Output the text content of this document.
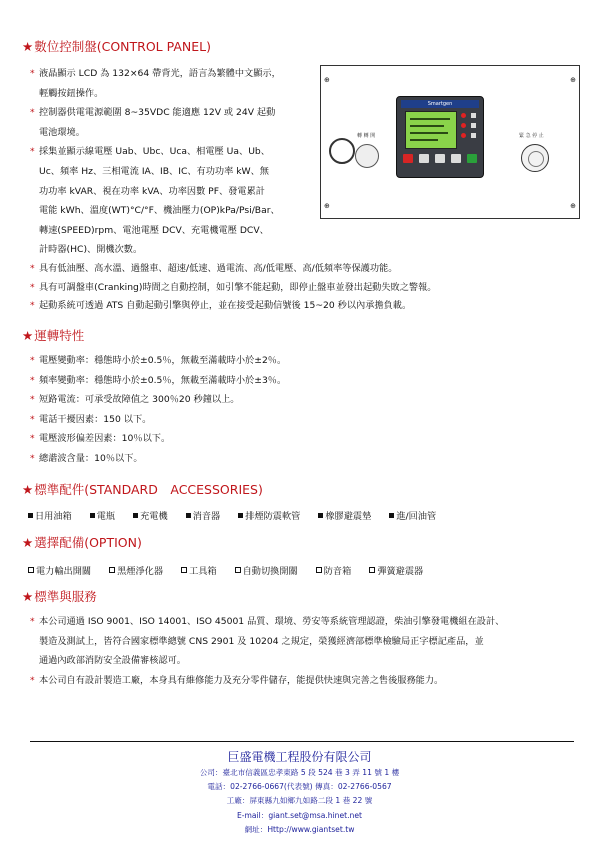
★數位控制盤(CONTROL PANEL)
* 液晶顯示 LCD 為 132×64 帶背光，語言為繁體中文顯示，
輕觸按鈕操作。
* 控制器供電電源範圍 8~35VDC 能適應 12V 或 24V 起動
電池環境。
* 採集並顯示線電壓 Uab、Ubc、Uca、相電壓 Ua、Ub、
Uc、頻率 Hz、三相電流 IA、IB、IC、有功功率 kW、無
功功率 kVAR、視在功率 kVA、功率因數 PF、發電累計
電能 kWh、溫度(WT)°C/°F、機油壓力(OP)kPa/Psi/Bar、
轉速(SPEED)rpm、電池電壓 DCV、充電機電壓 DCV、
計時器(HC)、開機次數。
* 具有低油壓、高水溫、過盤車、超速/低速、過電流、高/低電壓、高/低頻率等保護功能。
* 具有可調盤車(Cranking)時間之自動控制，如引擎不能起動，即停止盤車並發出起動失敗之警報。
* 起動系統可透過 ATS 自動起動引擎與停止，並在接受起動信號後 15~20 秒以內承擔負載。
⊕
⊕
⊕
⊕
轉 轉 開
Smartgen
緊 急 停 止
★運轉特性
* 電壓變動率：穩態時小於±0.5％，無載至滿載時小於±2％。
* 頻率變動率：穩態時小於±0.5％，無載至滿載時小於±3％。
* 短路電流：可承受故障值之 300％20 秒鐘以上。
* 電話干擾因素：150 以下。
* 電壓波形偏差因素：10％以下。
* 總諧波含量：10％以下。
★標準配件(STANDARD　ACCESSORIES)
日用油箱	電瓶	充電機	消音器	排煙防震軟管	橡膠避震墊	進/回油管
★選擇配備(OPTION)
電力輸出開關	黑煙淨化器	工具箱	自動切換開關	防音箱	彈簧避震器
★標準與服務
* 本公司通過 ISO 9001、ISO 14001、ISO 45001 品質、環境、勞安等系統管理認證，柴油引擎發電機組在設計、
製造及測試上，皆符合國家標準總號 CNS 2901 及 10204 之規定，榮獲經濟部標準檢驗局正字標記產品，並
通過內政部消防安全設備審核認可。
* 本公司自有設計製造工廠，本身具有維修能力及充分零件儲存，能提供快速與完善之售後服務能力。
巨盛電機工程股份有限公司
公司：臺北市信義區忠孝東路 5 段 524 巷 3 弄 11 號 1 樓
電話：02-2766-0667(代表號) 傳真：02-2766-0567
工廠：屏東縣九如鄉九如路二段 1 巷 22 號
E-mail：giant.set@msa.hinet.net
網址：Http://www.giantset.tw
